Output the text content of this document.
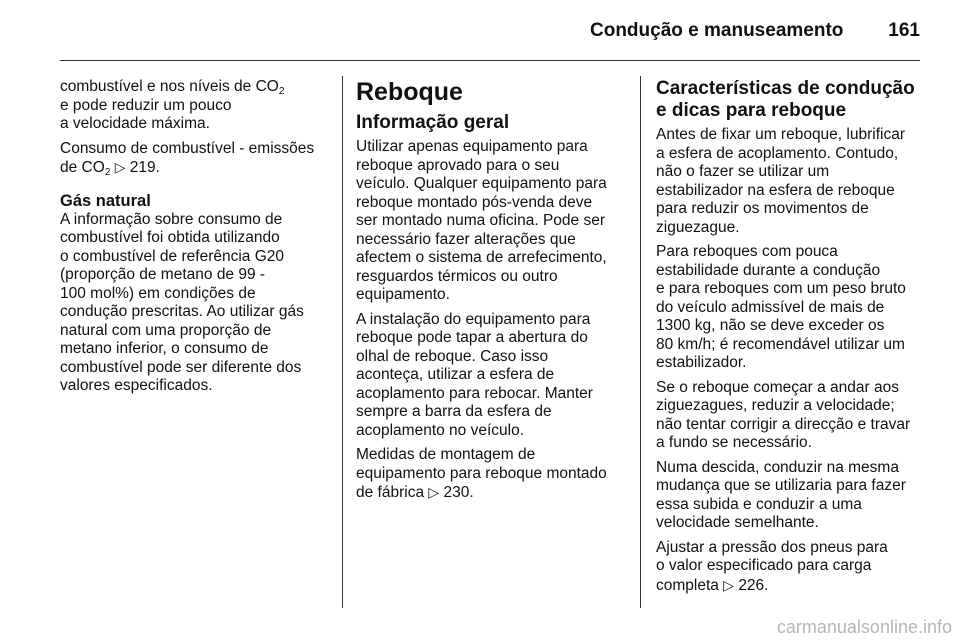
Condução e manuseamento 161

combustível e nos níveis de $CO_2$
e pode reduzir um pouco
a velocidade máxima.

Consumo de combustível - emissões
de $CO_2$ ▷ 219.

Gás natural

A informação sobre consumo de
combustível foi obtida utilizando
o combustível de referência G20
(proporção de metano de 99 -
100 mol%) em condições de
condução prescritas. Ao utilizar gás
natural com uma proporção de
metano inferior, o consumo de
combustível pode ser diferente dos
valores especificados.

Reboque
Informação geral

Utilizar apenas equipamento para
reboque aprovado para o seu
veículo. Qualquer equipamento para
reboque montado pós-venda deve
ser montado numa oficina. Pode ser
necessário fazer alterações que
afectem o sistema de arrefecimento,
resguardos térmicos ou outro
equipamento.

A instalação do equipamento para
reboque pode tapar a abertura do
olhal de reboque. Caso isso
aconteça, utilizar a esfera de
acoplamento para rebocar. Manter
sempre a barra da esfera de
acoplamento no veículo.

Medidas de montagem de
equipamento para reboque montado
de fábrica ▷ 230.

Características de condução
e dicas para reboque

Antes de fixar um reboque, lubrificar
a esfera de acoplamento. Contudo,
não o fazer se utilizar um
estabilizador na esfera de reboque
para reduzir os movimentos de
ziguezague.

Para reboques com pouca
estabilidade durante a condução
e para reboques com um peso bruto
do veículo admissível de mais de
1300 kg, não se deve exceder os
80 km/h; é recomendável utilizar um
estabilizador.

Se o reboque começar a andar aos
ziguezagues, reduzir a velocidade;
não tentar corrigir a direcção e travar
a fundo se necessário.

Numa descida, conduzir na mesma
mudança que se utilizaria para fazer
essa subida e conduzir a uma
velocidade semelhante.

Ajustar a pressão dos pneus para
o valor especificado para carga
completa ▷ 226.

carmanualsonline.info
